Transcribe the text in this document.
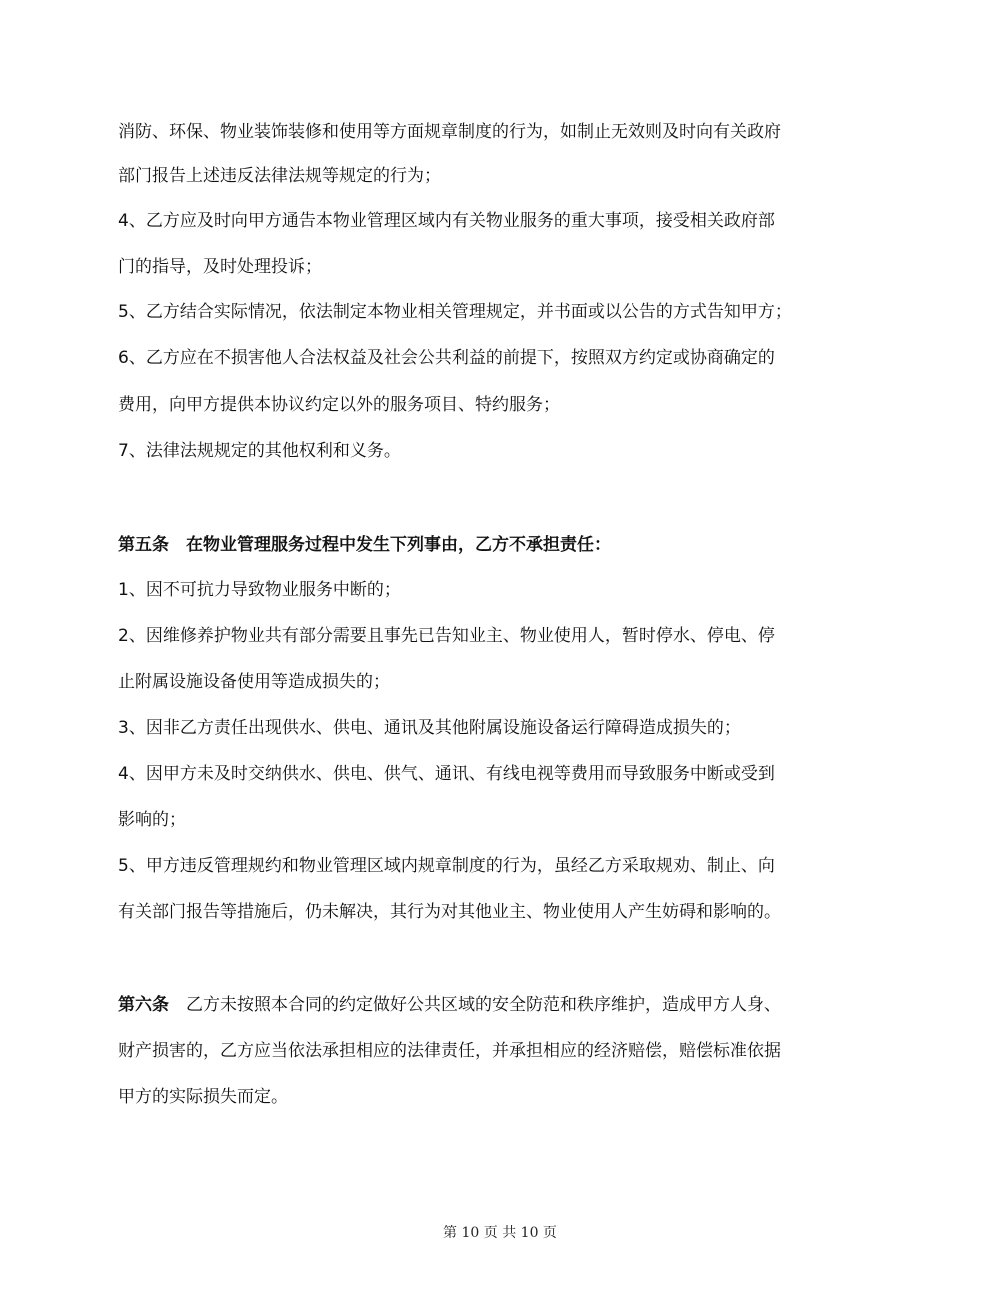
消防、环保、物业装饰装修和使用等方面规章制度的行为，如制止无效则及时向有关政府
部门报告上述违反法律法规等规定的行为；
4、乙方应及时向甲方通告本物业管理区域内有关物业服务的重大事项，接受相关政府部
门的指导，及时处理投诉；
5、乙方结合实际情况，依法制定本物业相关管理规定，并书面或以公告的方式告知甲方；
6、乙方应在不损害他人合法权益及社会公共利益的前提下，按照双方约定或协商确定的
费用，向甲方提供本协议约定以外的服务项目、特约服务；
7、法律法规规定的其他权利和义务。
第五条　在物业管理服务过程中发生下列事由，乙方不承担责任：
1、因不可抗力导致物业服务中断的；
2、因维修养护物业共有部分需要且事先已告知业主、物业使用人，暂时停水、停电、停
止附属设施设备使用等造成损失的；
3、因非乙方责任出现供水、供电、通讯及其他附属设施设备运行障碍造成损失的；
4、因甲方未及时交纳供水、供电、供气、通讯、有线电视等费用而导致服务中断或受到
影响的；
5、甲方违反管理规约和物业管理区域内规章制度的行为，虽经乙方采取规劝、制止、向
有关部门报告等措施后，仍未解决，其行为对其他业主、物业使用人产生妨碍和影响的。
第六条　乙方未按照本合同的约定做好公共区域的安全防范和秩序维护，造成甲方人身、
财产损害的，乙方应当依法承担相应的法律责任，并承担相应的经济赔偿，赔偿标准依据
甲方的实际损失而定。
第 10 页 共 10 页
